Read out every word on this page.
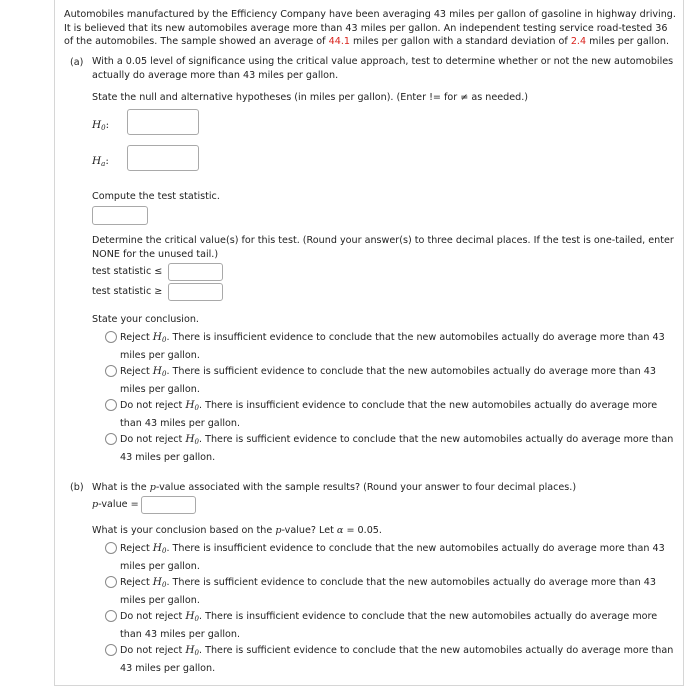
Automobiles manufactured by the Efficiency Company have been averaging 43 miles per gallon of gasoline in highway driving. It is believed that its new automobiles average more than 43 miles per gallon. An independent testing service road-tested 36 of the automobiles. The sample showed an average of 44.1 miles per gallon with a standard deviation of 2.4 miles per gallon.
(a) With a 0.05 level of significance using the critical value approach, test to determine whether or not the new automobiles actually do average more than 43 miles per gallon.
State the null and alternative hypotheses (in miles per gallon). (Enter != for ≠ as needed.)
$H_0$:
$H_a$:
Compute the test statistic.
Determine the critical value(s) for this test. (Round your answer(s) to three decimal places. If the test is one-tailed, enter NONE for the unused tail.)
test statistic ≤
test statistic ≥
State your conclusion.
Reject $H_0$. There is insufficient evidence to conclude that the new automobiles actually do average more than 43 miles per gallon.
Reject $H_0$. There is sufficient evidence to conclude that the new automobiles actually do average more than 43 miles per gallon.
Do not reject $H_0$. There is insufficient evidence to conclude that the new automobiles actually do average more than 43 miles per gallon.
Do not reject $H_0$. There is sufficient evidence to conclude that the new automobiles actually do average more than 43 miles per gallon.
(b) What is the p-value associated with the sample results? (Round your answer to four decimal places.)
p-value =
What is your conclusion based on the p-value? Let α = 0.05.
Reject $H_0$. There is insufficient evidence to conclude that the new automobiles actually do average more than 43 miles per gallon.
Reject $H_0$. There is sufficient evidence to conclude that the new automobiles actually do average more than 43 miles per gallon.
Do not reject $H_0$. There is insufficient evidence to conclude that the new automobiles actually do average more than 43 miles per gallon.
Do not reject $H_0$. There is sufficient evidence to conclude that the new automobiles actually do average more than 43 miles per gallon.
